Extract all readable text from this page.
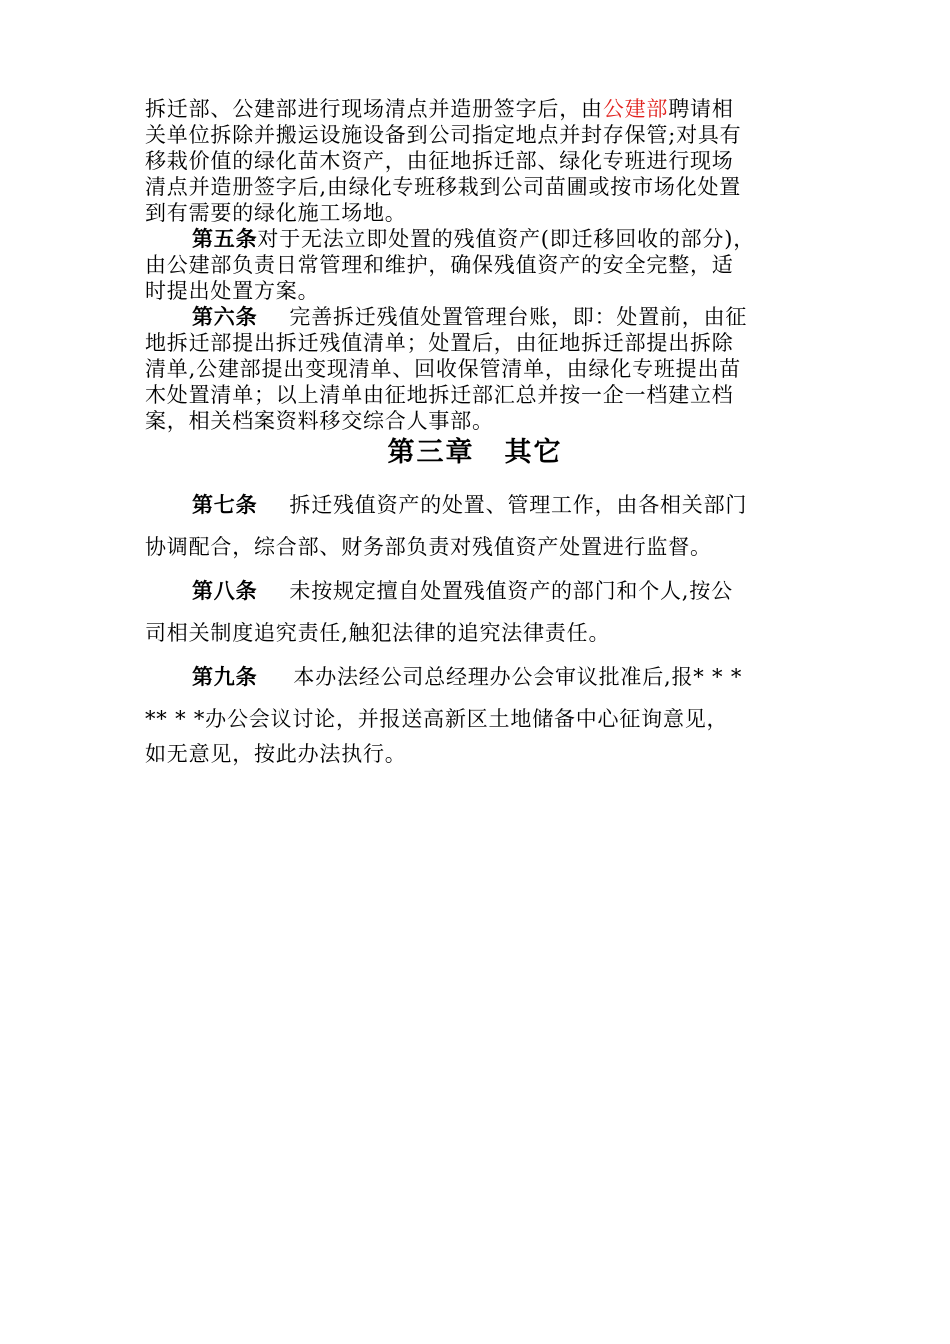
拆迁部、公建部进行现场清点并造册签字后，由公建部聘请相
关单位拆除并搬运设施设备到公司指定地点并封存保管;对具有
移栽价值的绿化苗木资产，由征地拆迁部、绿化专班进行现场
清点并造册签字后,由绿化专班移栽到公司苗圃或按市场化处置
到有需要的绿化施工场地。
第五条对于无法立即处置的残值资产(即迁移回收的部分)，
由公建部负责日常管理和维护，确保残值资产的安全完整，适
时提出处置方案。
第六条 完善拆迁残值处置管理台账，即：处置前，由征
地拆迁部提出拆迁残值清单；处置后，由征地拆迁部提出拆除
清单,公建部提出变现清单、回收保管清单，由绿化专班提出苗
木处置清单；以上清单由征地拆迁部汇总并按一企一档建立档
案，相关档案资料移交综合人事部。
第三章 其它
第七条 拆迁残值资产的处置、管理工作，由各相关部门
协调配合，综合部、财务部负责对残值资产处置进行监督。
第八条 未按规定擅自处置残值资产的部门和个人,按公
司相关制度追究责任,触犯法律的追究法律责任。
第九条 本办法经公司总经理办公会审议批准后,报* * *
** * *办公会议讨论，并报送高新区土地储备中心征询意见，
如无意见，按此办法执行。
